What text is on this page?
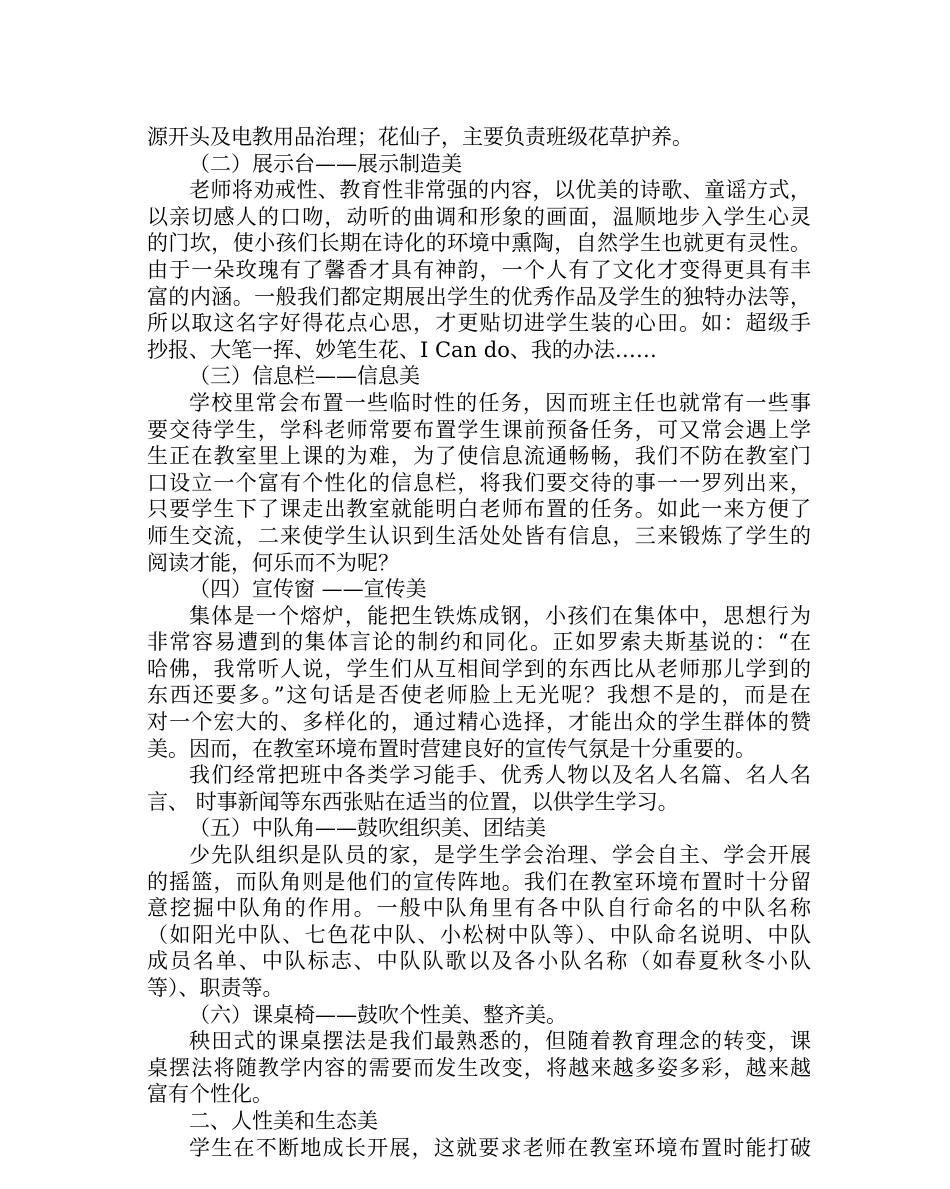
源开头及电教用品治理；花仙子，主要负责班级花草护养。
（二）展示台——展示制造美
老师将劝戒性、教育性非常强的内容，以优美的诗歌、童谣方式，
以亲切感人的口吻，动听的曲调和形象的画面，温顺地步入学生心灵
的门坎，使小孩们长期在诗化的环境中熏陶，自然学生也就更有灵性。
由于一朵玫瑰有了馨香才具有神韵，一个人有了文化才变得更具有丰
富的内涵。一般我们都定期展出学生的优秀作品及学生的独特办法等，
所以取这名字好得花点心思，才更贴切进学生装的心田。如：超级手
抄报、大笔一挥、妙笔生花、I Can do、我的办法……
（三）信息栏——信息美
学校里常会布置一些临时性的任务，因而班主任也就常有一些事
要交待学生，学科老师常要布置学生课前预备任务，可又常会遇上学
生正在教室里上课的为难，为了使信息流通畅畅，我们不防在教室门
口设立一个富有个性化的信息栏，将我们要交待的事一一罗列出来，
只要学生下了课走出教室就能明白老师布置的任务。如此一来方便了
师生交流，二来使学生认识到生活处处皆有信息，三来锻炼了学生的
阅读才能，何乐而不为呢？
（四）宣传窗 ——宣传美
集体是一个熔炉，能把生铁炼成钢，小孩们在集体中，思想行为
非常容易遭到的集体言论的制约和同化。正如罗索夫斯基说的：“在
哈佛，我常听人说，学生们从互相间学到的东西比从老师那儿学到的
东西还要多。”这句话是否使老师脸上无光呢？我想不是的，而是在
对一个宏大的、多样化的，通过精心选择，才能出众的学生群体的赞
美。因而，在教室环境布置时营建良好的宣传气氛是十分重要的。
我们经常把班中各类学习能手、优秀人物以及名人名篇、名人名
言、 时事新闻等东西张贴在适当的位置，以供学生学习。
（五）中队角——鼓吹组织美、团结美
少先队组织是队员的家，是学生学会治理、学会自主、学会开展
的摇篮，而队角则是他们的宣传阵地。我们在教室环境布置时十分留
意挖掘中队角的作用。一般中队角里有各中队自行命名的中队名称
（如阳光中队、七色花中队、小松树中队等）、中队命名说明、中队
成员名单、中队标志、中队队歌以及各小队名称（如春夏秋冬小队
等）、职责等。
（六）课桌椅——鼓吹个性美、整齐美。
秧田式的课桌摆法是我们最熟悉的，但随着教育理念的转变，课
桌摆法将随教学内容的需要而发生改变，将越来越多姿多彩，越来越
富有个性化。
二、人性美和生态美
学生在不断地成长开展，这就要求老师在教室环境布置时能打破
